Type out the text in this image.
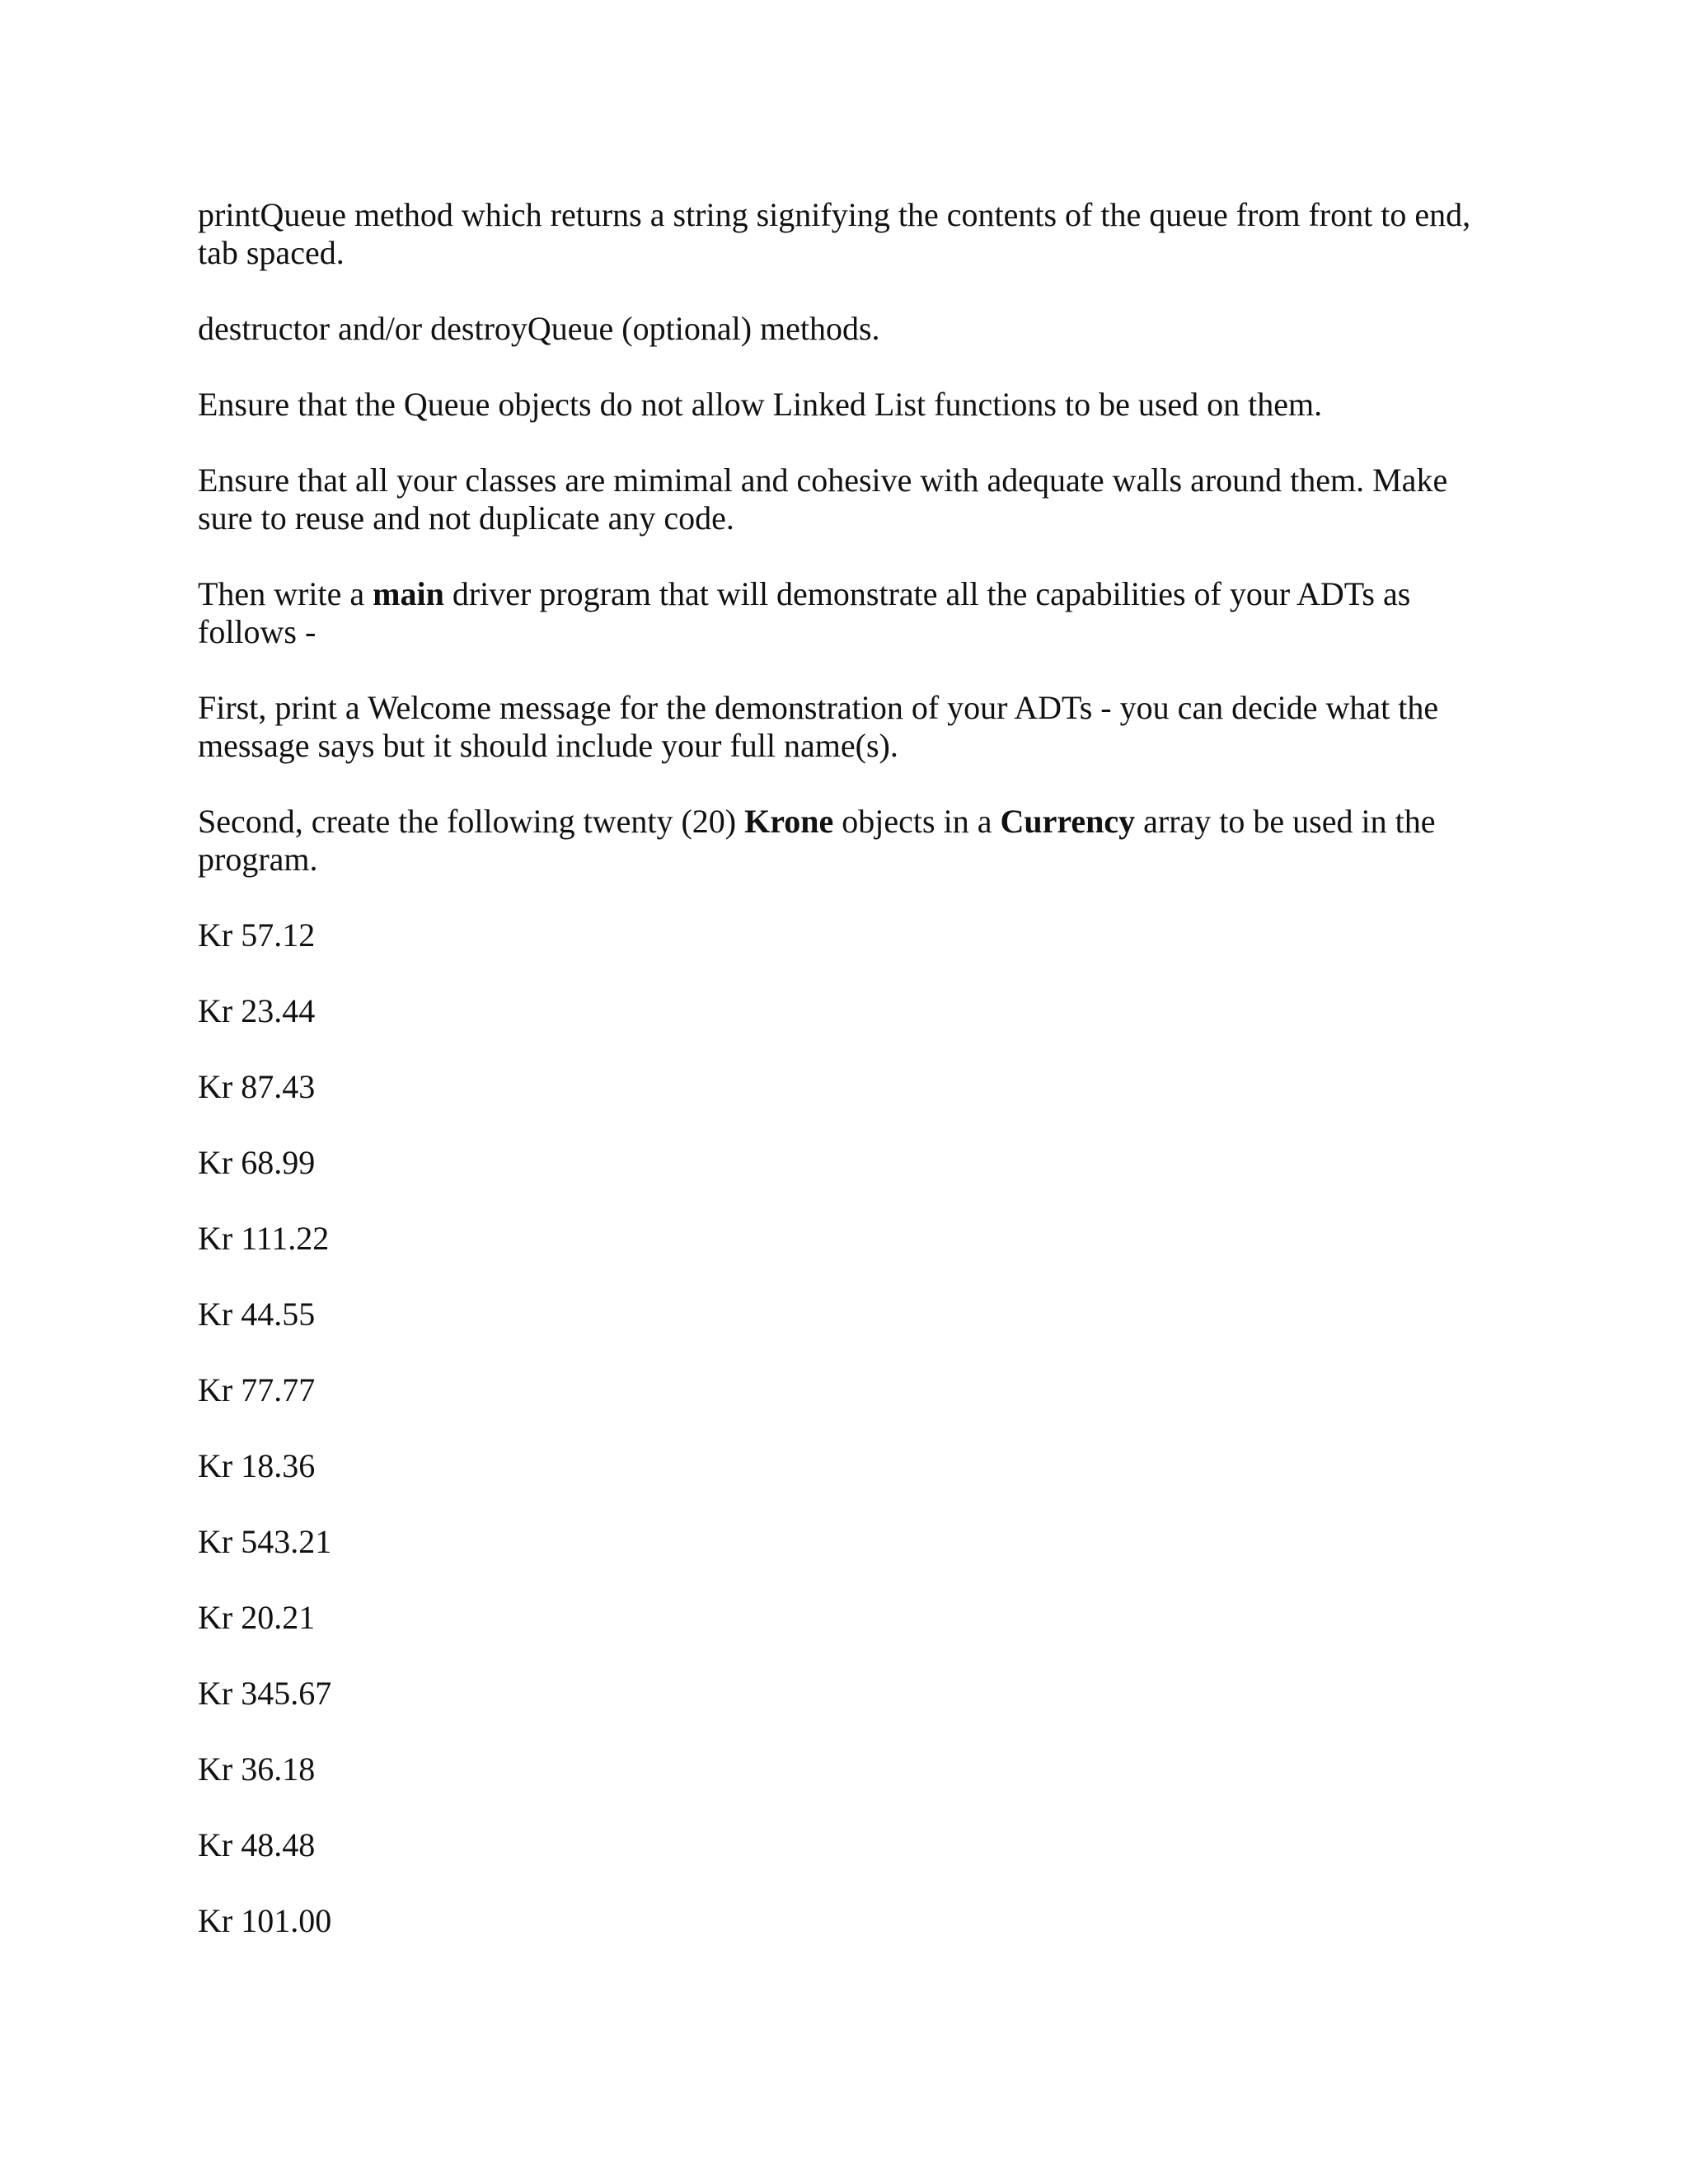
printQueue method which returns a string signifying the contents of the queue from front to end, tab spaced.

destructor and/or destroyQueue (optional) methods.

Ensure that the Queue objects do not allow Linked List functions to be used on them.

Ensure that all your classes are mimimal and cohesive with adequate walls around them. Make sure to reuse and not duplicate any code.

Then write a main driver program that will demonstrate all the capabilities of your ADTs as follows -

First, print a Welcome message for the demonstration of your ADTs - you can decide what the message says but it should include your full name(s).

Second, create the following twenty (20) Krone objects in a Currency array to be used in the program.

Kr 57.12

Kr 23.44

Kr 87.43

Kr 68.99

Kr 111.22

Kr 44.55

Kr 77.77

Kr 18.36

Kr 543.21

Kr 20.21

Kr 345.67

Kr 36.18

Kr 48.48

Kr 101.00
